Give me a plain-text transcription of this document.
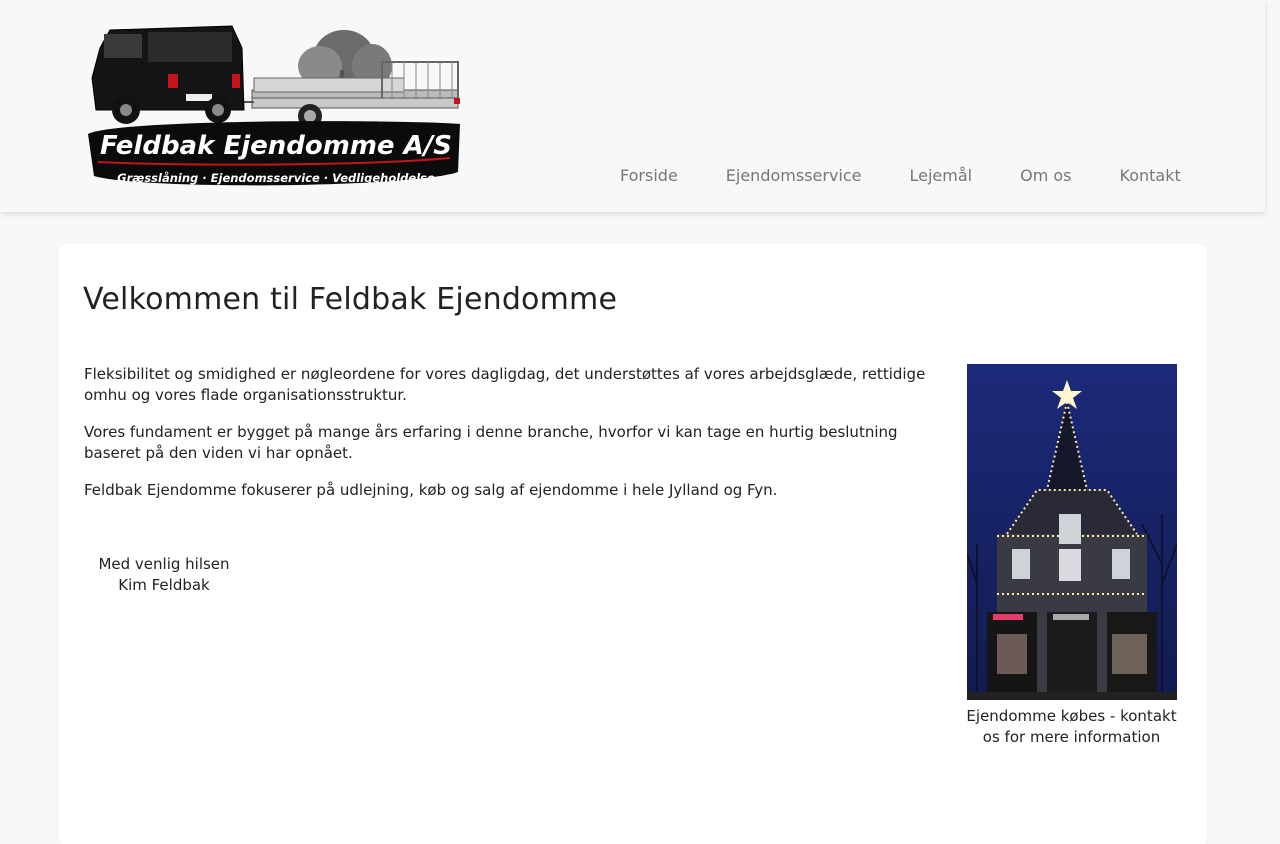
Feldbak Ejendomme A/S
Græsslåning · Ejendomsservice · Vedligeholdelse	Forside	Ejendomsservice	Lejemål	Om os	Kontakt
Velkommen til Feldbak Ejendomme

Fleksibilitet og smidighed er nøgleordene for vores dagligdag, det understøttes af vores arbejdsglæde, rettidige omhu og vores flade organisationsstruktur.

Vores fundament er bygget på mange års erfaring i denne branche, hvorfor vi kan tage en hurtig beslutning baseret på den viden vi har opnået.

Feldbak Ejendomme fokuserer på udlejning, køb og salg af ejendomme i hele Jylland og Fyn.

Med venlig hilsen
Kim Feldbak
Ejendomme købes - kontakt os for mere information
